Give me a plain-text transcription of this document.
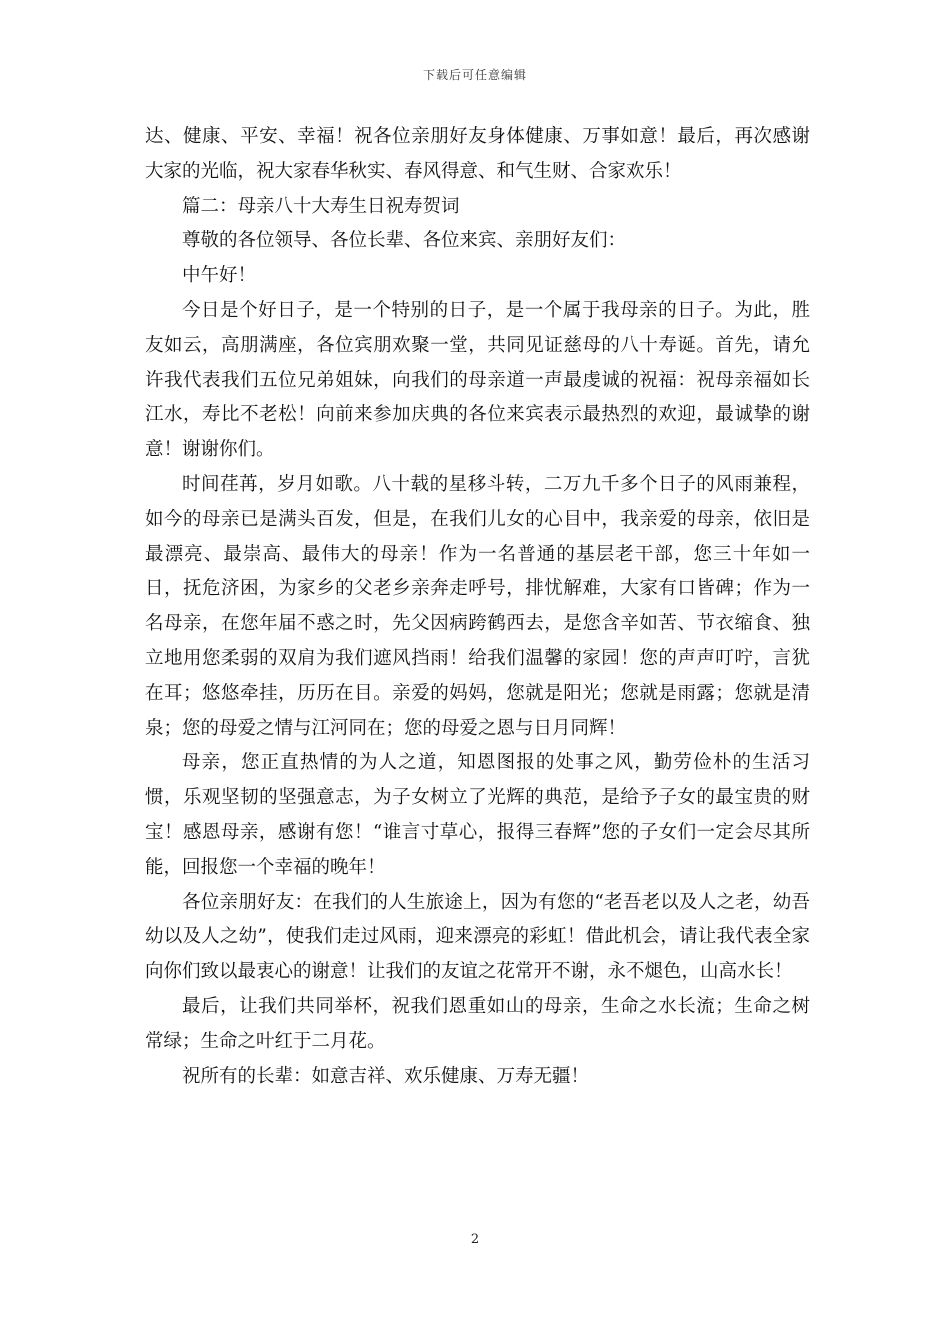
下载后可任意编辑

达、健康、平安、幸福！祝各位亲朋好友身体健康、万事如意！最后，再次感谢大家的光临，祝大家春华秋实、春风得意、和气生财、合家欢乐！

篇二：母亲八十大寿生日祝寿贺词

尊敬的各位领导、各位长辈、各位来宾、亲朋好友们：

中午好！

今日是个好日子，是一个特别的日子，是一个属于我母亲的日子。为此，胜友如云，高朋满座，各位宾朋欢聚一堂，共同见证慈母的八十寿诞。首先，请允许我代表我们五位兄弟姐妹，向我们的母亲道一声最虔诚的祝福：祝母亲福如长江水，寿比不老松！向前来参加庆典的各位来宾表示最热烈的欢迎，最诚挚的谢意！谢谢你们。

时间荏苒，岁月如歌。八十载的星移斗转，二万九千多个日子的风雨兼程，如今的母亲已是满头百发，但是，在我们儿女的心目中，我亲爱的母亲，依旧是最漂亮、最崇高、最伟大的母亲！作为一名普通的基层老干部，您三十年如一日，抚危济困，为家乡的父老乡亲奔走呼号，排忧解难，大家有口皆碑；作为一名母亲，在您年届不惑之时，先父因病跨鹤西去，是您含辛如苦、节衣缩食、独立地用您柔弱的双肩为我们遮风挡雨！给我们温馨的家园！您的声声叮咛，言犹在耳；悠悠牵挂，历历在目。亲爱的妈妈，您就是阳光；您就是雨露；您就是清泉；您的母爱之情与江河同在；您的母爱之恩与日月同辉！

母亲，您正直热情的为人之道，知恩图报的处事之风，勤劳俭朴的生活习惯，乐观坚韧的坚强意志，为子女树立了光辉的典范，是给予子女的最宝贵的财宝！感恩母亲，感谢有您！“谁言寸草心，报得三春辉”您的子女们一定会尽其所能，回报您一个幸福的晚年！

各位亲朋好友：在我们的人生旅途上，因为有您的“老吾老以及人之老，幼吾幼以及人之幼”，使我们走过风雨，迎来漂亮的彩虹！借此机会，请让我代表全家向你们致以最衷心的谢意！让我们的友谊之花常开不谢，永不煺色，山高水长！

最后，让我们共同举杯，祝我们恩重如山的母亲，生命之水长流；生命之树常绿；生命之叶红于二月花。

祝所有的长辈：如意吉祥、欢乐健康、万寿无疆！

2
